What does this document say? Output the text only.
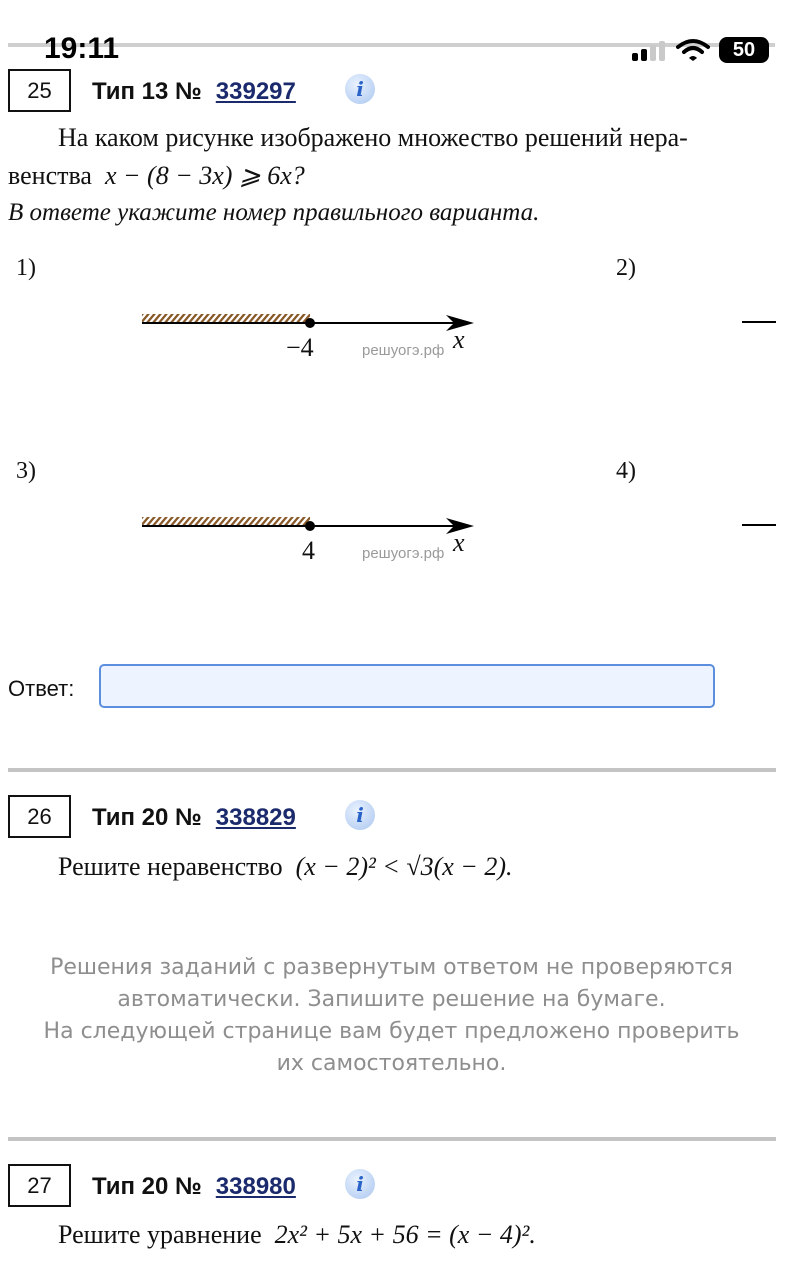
19:11	50
25	Тип 13 № 339297	i
На каком рисунке изображено множество решений нера-
венства x − (8 − 3x) ⩾ 6x?
В ответе укажите номер правильного варианта.
1)
−4	x
решуогэ.рф
2)
3)
4	x
решуогэ.рф
4)
Ответ:
26	Тип 20 № 338829	i
Решите неравенство (x − 2)² < √3(x − 2).
Решения заданий с развернутым ответом не проверяются
автоматически. Запишите решение на бумаге.
На следующей странице вам будет предложено проверить
их самостоятельно.
27	Тип 20 № 338980	i
Решите уравнение 2x² + 5x + 56 = (x − 4)².
